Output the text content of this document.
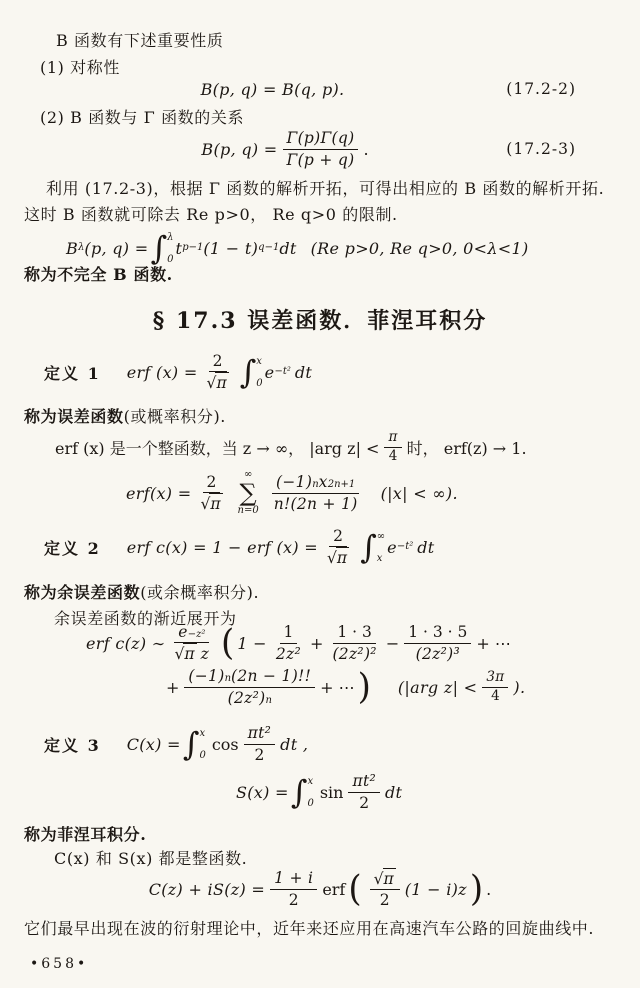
B 函数有下述重要性质
(1) 对称性
B(p, q) = B(q, p).	(17.2-2)
(2) B 函数与 Γ 函数的关系
B(p, $q) = \frac{\Gamma(p)\Gamma(q)}{\Gamma(p + q)}$ .	(17.2-3)
利用 (17.2-3)，根据 Γ 函数的解析开拓，可得出相应的 B 函数的解析开拓.
这时 B 函数就可除去 Re p>0， Re q>0 的限制.
B λ (p, q) = ∫ λ
0
t p−1 (1 − t) q−1 dt (Re p>0, Re q>0, 0<λ<1)
称为不完全 B 函数.
§ 17.3 误差函数．菲涅耳积分
定义 1 erf $(x) = \frac{2}{√ \pi}$ ∫ x
0
e −t² dt
称为误差函数(或概率积分).
erf (x) 是一个整函数，当 z → ∞， |arg $z| < \frac{\pi}{4}$ 时， erf(z) → 1.
$erf(x) = \frac{2}{√ \pi}$ ∞
∑
$n=0 \frac{\text{(−1) n x 2n+1}}{n!(2n + 1)} (|x|$ < ∞).
定义 2 erf c(x) = 1 − erf $(x) = \frac{2}{√ \pi}$ ∫ ∞
x
e −t² dt
称为余误差函数(或余概率积分).
余误差函数的渐近展开为
erf c(z) ∼ $\frac{\text{e −z²}}{\text{√ π z}}$ ( $1 - \frac{1}{\text{2z²}} + \frac{1 \cdot 3}{\text{(2z²)²}} - \frac{1 \cdot 3 \cdot 5}{\text{(2z²)³}}$ + ⋯
+ $\frac{(-1) n (2n - 1)!!}{\text{(2z²) n}}$ + ⋯ ) (|arg $z| < \frac{3\pi}{4}$ ).
定义 3 C(x) = ∫ x
0
$\cos \frac{\text{πt²}}{2}$ dt ,
S(x) = ∫ x
0
$\sin \frac{\text{πt²}}{2}$ dt
称为菲涅耳积分.
C(x) 和 S(x) 都是整函数.
$C(z) + iS(z) = \frac{1 + i}{2}$ erf ( $\frac{√ \pi}{2} (1 - i)z$ ) .
它们最早出现在波的衍射理论中，近年来还应用在高速汽车公路的回旋曲线中.
•658•
